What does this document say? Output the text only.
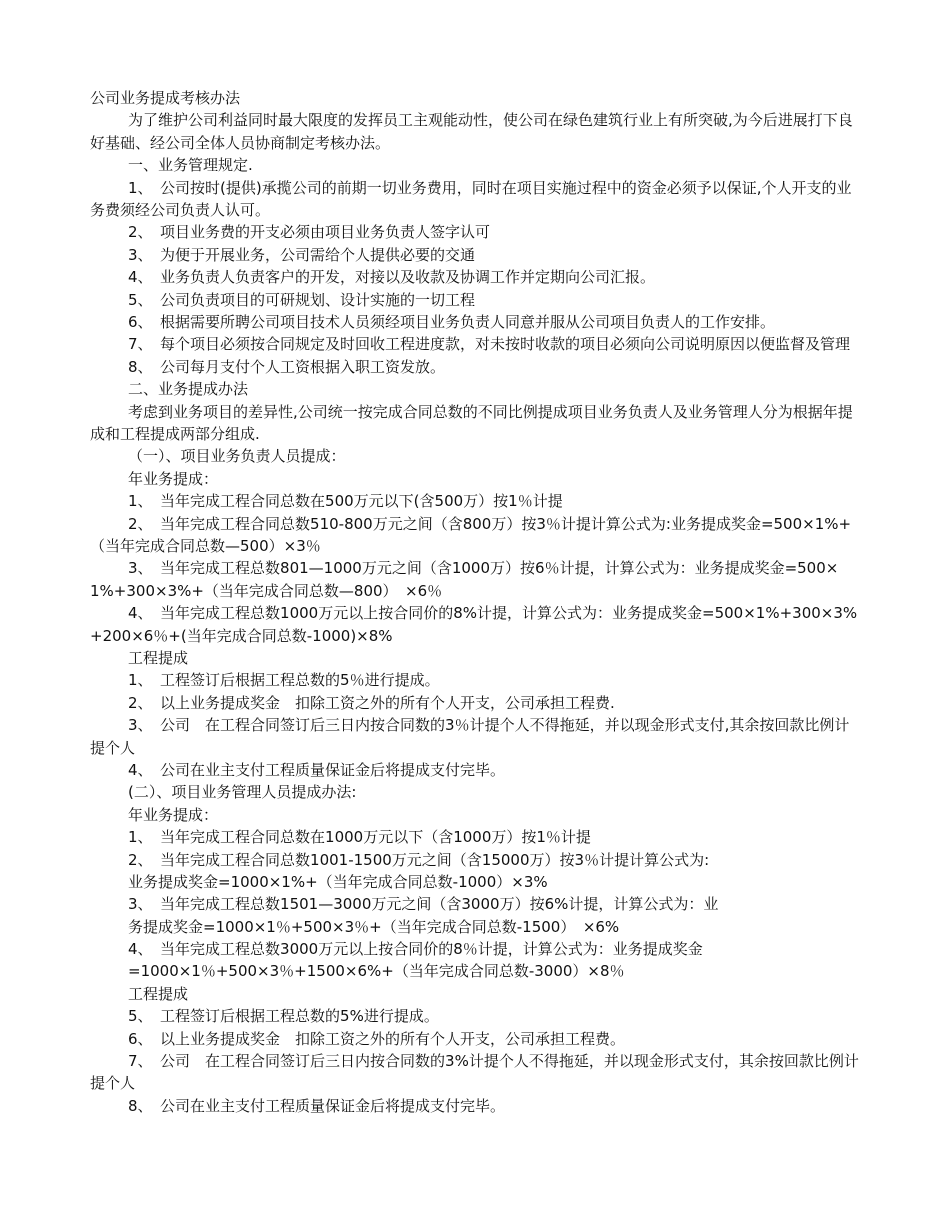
公司业务提成考核办法
为了维护公司利益同时最大限度的发挥员工主观能动性，使公司在绿色建筑行业上有所突破,为今后进展打下良好基础、经公司全体人员协商制定考核办法。
一、业务管理规定.
1、　公司按时(提供)承揽公司的前期一切业务费用，同时在项目实施过程中的资金必须予以保证,个人开支的业务费须经公司负责人认可。
2、　项目业务费的开支必须由项目业务负责人签字认可
3、　为便于开展业务，公司需给个人提供必要的交通
4、　业务负责人负责客户的开发，对接以及收款及协调工作并定期向公司汇报。
5、　公司负责项目的可研规划、设计实施的一切工程
6、　根据需要所聘公司项目技术人员须经项目业务负责人同意并服从公司项目负责人的工作安排。
7、　每个项目必须按合同规定及时回收工程进度款，对未按时收款的项目必须向公司说明原因以便监督及管理
8、　公司每月支付个人工资根据入职工资发放。
二、业务提成办法
考虑到业务项目的差异性,公司统一按完成合同总数的不同比例提成项目业务负责人及业务管理人分为根据年提成和工程提成两部分组成.
（一）、项目业务负责人员提成：
年业务提成：
1、　当年完成工程合同总数在500万元以下(含500万）按1％计提
2、　当年完成工程合同总数510-800万元之间（含800万）按3％计提计算公式为:业务提成奖金=500×1%+（当年完成合同总数—500）×3％
3、　当年完成工程总数801—1000万元之间（含1000万）按6％计提，计算公式为：业务提成奖金=500×1%+300×3%+（当年完成合同总数—800）　×6％
4、　当年完成工程总数1000万元以上按合同价的8%计提，计算公式为：业务提成奖金=500×1%+300×3%+200×6％+(当年完成合同总数-1000)×8%
工程提成
1、　工程签订后根据工程总数的5％进行提成。
2、　以上业务提成奖金　扣除工资之外的所有个人开支，公司承担工程费.
3、　公司　在工程合同签订后三日内按合同数的3％计提个人不得拖延，并以现金形式支付,其余按回款比例计提个人
4、　公司在业主支付工程质量保证金后将提成支付完毕。
(二）、项目业务管理人员提成办法:
年业务提成：
1、　当年完成工程合同总数在1000万元以下（含1000万）按1％计提
2、　当年完成工程合同总数1001-1500万元之间（含15000万）按3％计提计算公式为:
业务提成奖金=1000×1%+（当年完成合同总数-1000）×3%
3、　当年完成工程总数1501—3000万元之间（含3000万）按6%计提，计算公式为：业
务提成奖金=1000×1％+500×3％+（当年完成合同总数-1500）　×6%
4、　当年完成工程总数3000万元以上按合同价的8％计提，计算公式为：业务提成奖金
=1000×1％+500×3％+1500×6%+（当年完成合同总数-3000）×8％
工程提成
5、　工程签订后根据工程总数的5%进行提成。
6、　以上业务提成奖金　扣除工资之外的所有个人开支，公司承担工程费。
7、　公司　在工程合同签订后三日内按合同数的3%计提个人不得拖延，并以现金形式支付，其余按回款比例计提个人
8、　公司在业主支付工程质量保证金后将提成支付完毕。
